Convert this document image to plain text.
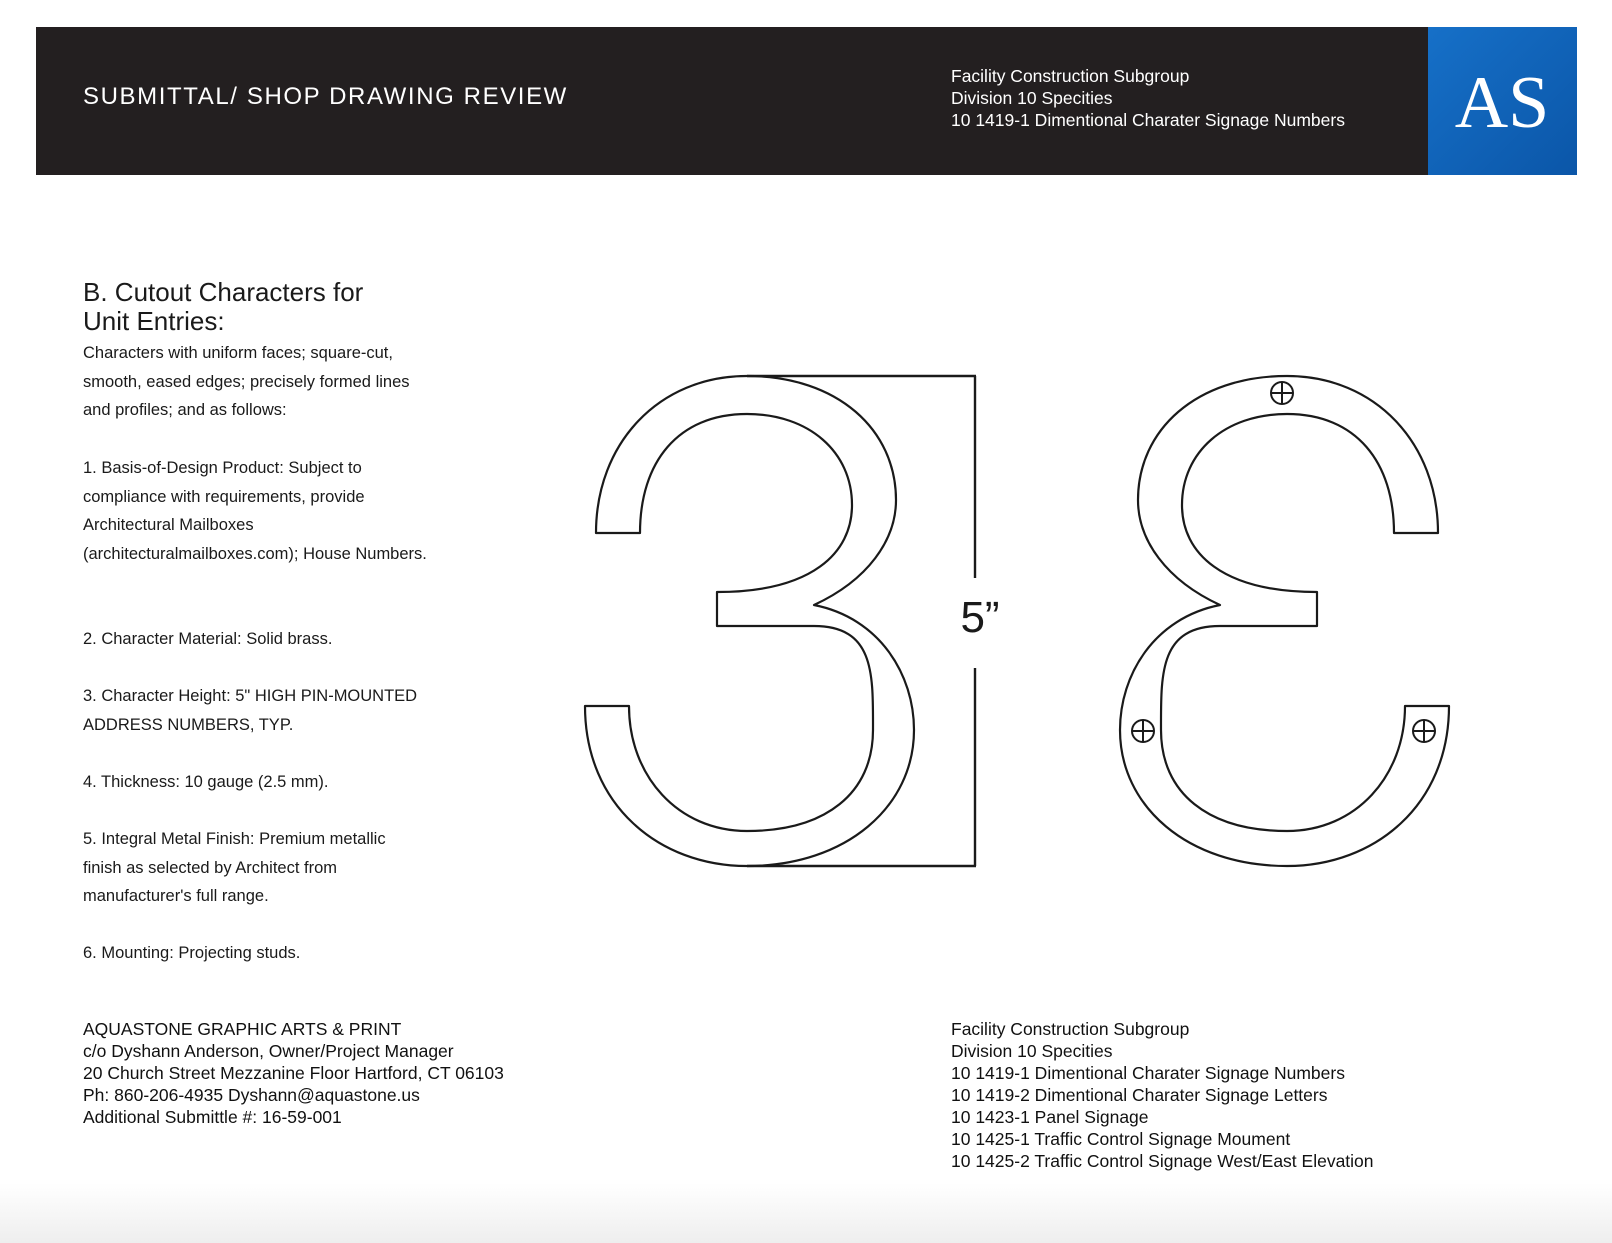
SUBMITTAL/ SHOP DRAWING REVIEW
Facility Construction Subgroup
Division 10 Specities
10 1419-1 Dimentional Charater Signage Numbers AS
B. Cutout Characters for
Unit Entries:
Characters with uniform faces; square-cut, smooth, eased edges; precisely formed lines and profiles; and as follows:
1. Basis-of-Design Product: Subject to compliance with requirements, provide Architectural Mailboxes (architecturalmailboxes.com); House Numbers.
2. Character Material: Solid brass.
3. Character Height: 5" HIGH PIN-MOUNTED ADDRESS NUMBERS, TYP.
4. Thickness: 10 gauge (2.5 mm).
5. Integral Metal Finish: Premium metallic finish as selected by Architect from manufacturer's full range.
6. Mounting: Projecting studs.
5”
AQUASTONE GRAPHIC ARTS & PRINT
c/o Dyshann Anderson, Owner/Project Manager
20 Church Street Mezzanine Floor Hartford, CT 06103
Ph: 860-206-4935 Dyshann@aquastone.us
Additional Submittle #: 16-59-001
Facility Construction Subgroup
Division 10 Specities
10 1419-1 Dimentional Charater Signage Numbers
10 1419-2 Dimentional Charater Signage Letters
10 1423-1 Panel Signage
10 1425-1 Traffic Control Signage Moument
10 1425-2 Traffic Control Signage West/East Elevation
